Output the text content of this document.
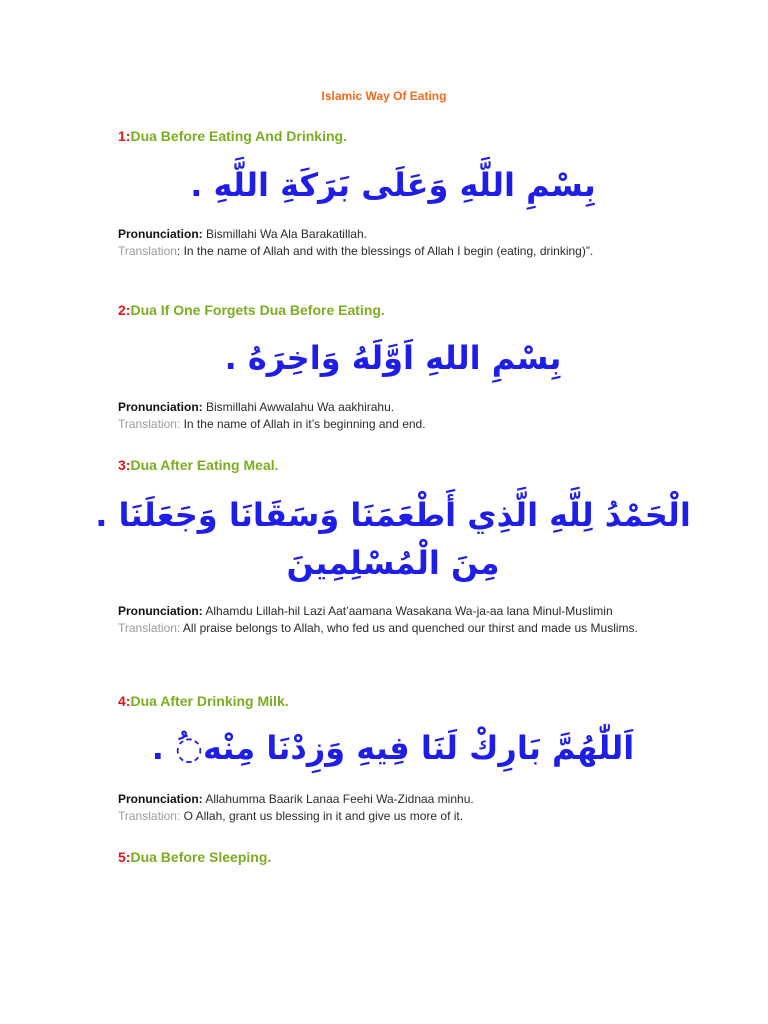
Islamic Way Of Eating
1:Dua Before Eating And Drinking.
بِسْمِ اللَّهِ وَعَلَى بَرَكَةِ اللَّهِ .
Pronunciation: Bismillahi Wa Ala Barakatillah.
Translation: In the name of Allah and with the blessings of Allah I begin (eating, drinking)”.
2:Dua If One Forgets Dua Before Eating.
بِسْمِ اللهِ اَوَّلَهُ وَاخِرَهُ .
Pronunciation: Bismillahi Awwalahu Wa aakhirahu.
Translation: In the name of Allah in it’s beginning and end.
3:Dua After Eating Meal.
الْحَمْدُ لِلَّهِ الَّذِي أَطْعَمَنَا وَسَقَانَا وَجَعَلَنَا .
مِنَ الْمُسْلِمِينَ
Pronunciation: Alhamdu Lillah-hil Lazi Aat’aamana Wasakana Wa-ja-aa lana Minul-Muslimin
Translation: All praise belongs to Allah, who fed us and quenched our thirst and made us Muslims.
4:Dua After Drinking Milk.
اَللّٰهُمَّ بَارِكْ لَنَا فِيهِ وَزِدْنَا مِنْه◌ُ .
Pronunciation: Allahumma Baarik Lanaa Feehi Wa-Zidnaa minhu.
Translation: O Allah, grant us blessing in it and give us more of it.
5:Dua Before Sleeping.
